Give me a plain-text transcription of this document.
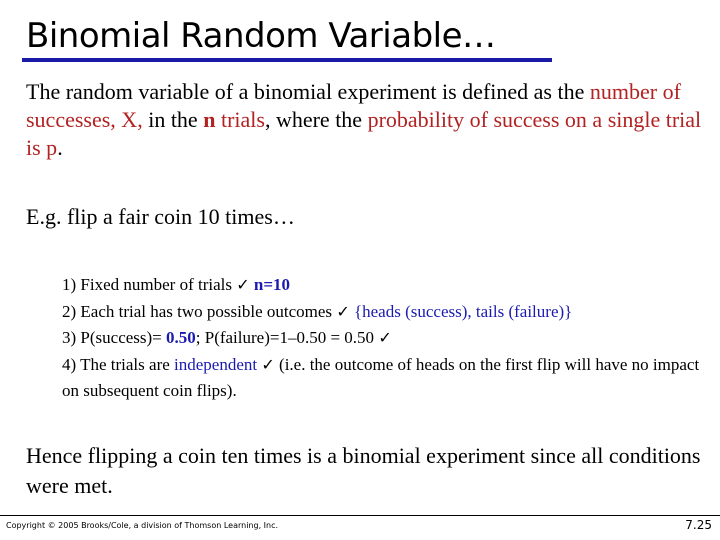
Binomial Random Variable…
The random variable of a binomial experiment is defined as the number of successes, X, in the n trials, where the probability of success on a single trial is p.
E.g. flip a fair coin 10 times…
1) Fixed number of trials ✓ n=10
2) Each trial has two possible outcomes ✓ {heads (success), tails (failure)}
3) P(success)= 0.50; P(failure)=1–0.50 = 0.50 ✓
4) The trials are independent ✓ (i.e. the outcome of heads on the first flip will have no impact on subsequent coin flips).
Hence flipping a coin ten times is a binomial experiment since all conditions were met.
Copyright © 2005 Brooks/Cole, a division of Thomson Learning, Inc.	7.25
